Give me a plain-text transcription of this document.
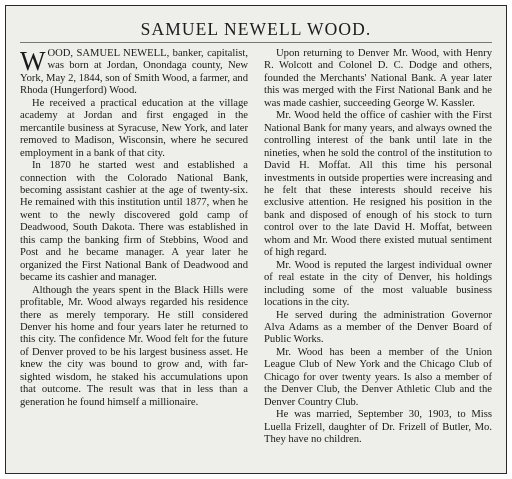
SAMUEL NEWELL WOOD.

WOOD, SAMUEL NEWELL, banker, capitalist, was born at Jordan, Onondaga county, New York, May 2, 1844, son of Smith Wood, a farmer, and Rhoda (Hungerford) Wood.

He received a practical education at the village academy at Jordan and first engaged in the mercantile business at Syracuse, New York, and later removed to Madison, Wisconsin, where he secured employment in a bank of that city.

In 1870 he started west and established a connection with the Colorado National Bank, becoming assistant cashier at the age of twenty-six. He remained with this institution until 1877, when he went to the newly discovered gold camp of Deadwood, South Dakota. There was established in this camp the banking firm of Stebbins, Wood and Post and he became manager. A year later he organized the First National Bank of Deadwood and became its cashier and manager.

Although the years spent in the Black Hills were profitable, Mr. Wood always regarded his residence there as merely temporary. He still considered Denver his home and four years later he returned to this city. The confidence Mr. Wood felt for the future of Denver proved to be his largest business asset. He knew the city was bound to grow and, with far-sighted wisdom, he staked his accumulations upon that outcome. The result was that in less than a generation he found himself a millionaire.

Upon returning to Denver Mr. Wood, with Henry R. Wolcott and Colonel D. C. Dodge and others, founded the Merchants' National Bank. A year later this was merged with the First National Bank and he was made cashier, succeeding George W. Kassler.

Mr. Wood held the office of cashier with the First National Bank for many years, and always owned the controlling interest of the bank until late in the nineties, when he sold the control of the institution to David H. Moffat. All this time his personal investments in outside properties were increasing and he felt that these interests should receive his exclusive attention. He resigned his position in the bank and disposed of enough of his stock to turn control over to the late David H. Moffat, between whom and Mr. Wood there existed mutual sentiment of high regard.

Mr. Wood is reputed the largest individual owner of real estate in the city of Denver, his holdings including some of the most valuable business locations in the city.

He served during the administration Governor Alva Adams as a member of the Denver Board of Public Works.

Mr. Wood has been a member of the Union League Club of New York and the Chicago Club of Chicago for over twenty years. Is also a member of the Denver Club, the Denver Athletic Club and the Denver Country Club.

He was married, September 30, 1903, to Miss Luella Frizell, daughter of Dr. Frizell of Butler, Mo. They have no children.
